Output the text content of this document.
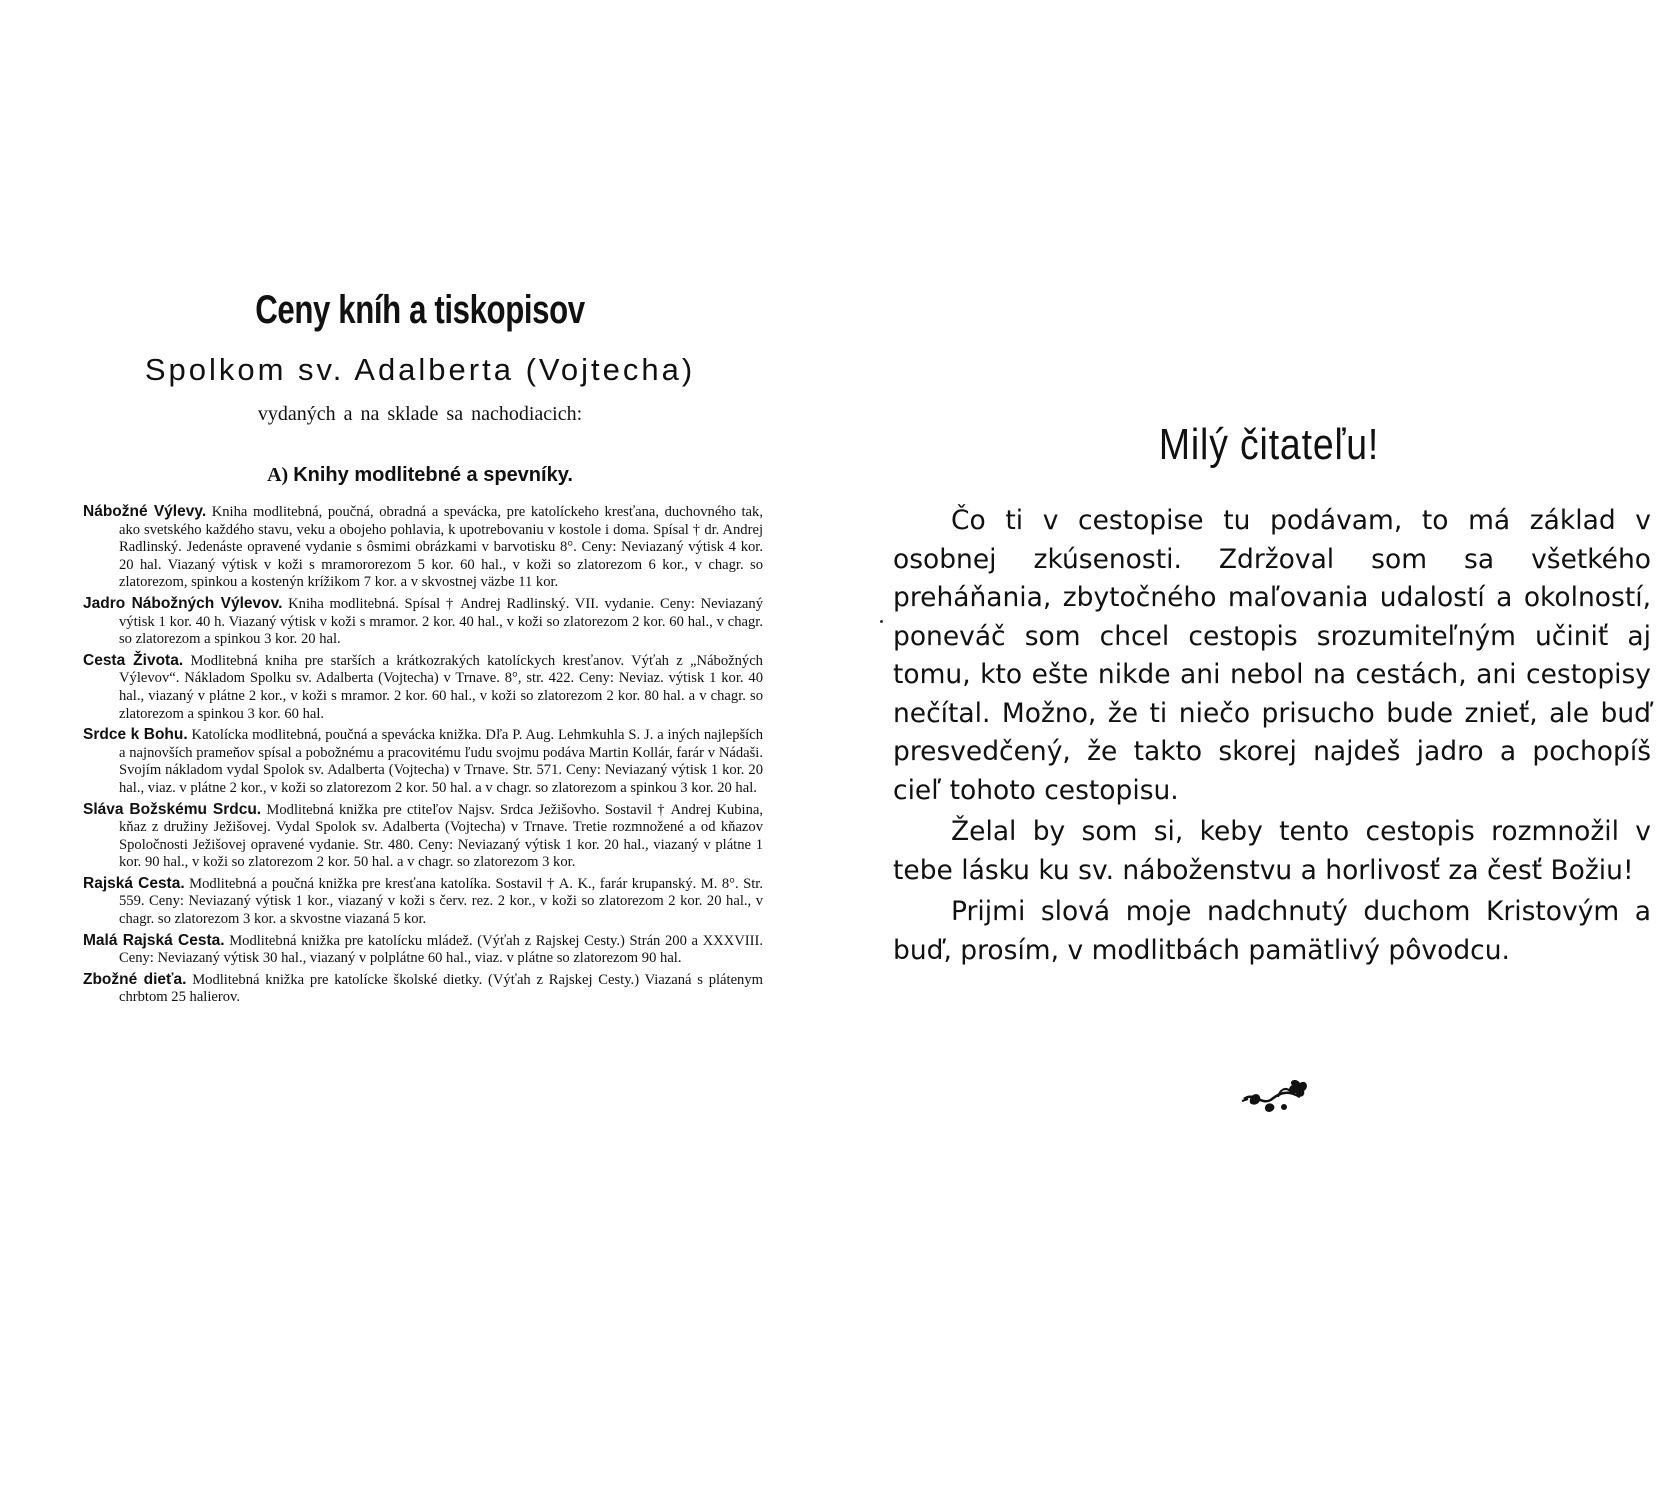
Ceny kníh a tiskopisov
Spolkom sv. Adalberta (Vojtecha)

vydaných a na sklade sa nachodiacich:

A) Knihy modlitebné a spevníky.
Nábožné Výlevy. Kniha modlitebná, poučná, obradná a spevácka, pre katolíckeho kresťana, duchovného tak, ako svetského každého stavu, veku a obojeho pohlavia, k upotrebovaniu v kostole i doma. Spísal † dr. Andrej Radlinský. Jedenáste opravené vydanie s ôsmimi obrázkami v barvotisku 8°. Ceny: Neviazaný výtisk 4 kor. 20 hal. Viazaný výtisk v koži s mramororezom 5 kor. 60 hal., v koži so zlatorezom 6 kor., v chagr. so zlatorezom, spinkou a kostenýn krížikom 7 kor. a v skvostnej väzbe 11 kor.
Jadro Nábožných Výlevov. Kniha modlitebná. Spísal † Andrej Radlinský. VII. vydanie. Ceny: Neviazaný výtisk 1 kor. 40 h. Viazaný výtisk v koži s mramor. 2 kor. 40 hal., v koži so zlatorezom 2 kor. 60 hal., v chagr. so zlatorezom a spinkou 3 kor. 20 hal.
Cesta Života. Modlitebná kniha pre starších a krátkozrakých katolíckych kresťanov. Výťah z „Nábožných Výlevov“. Nákladom Spolku sv. Adalberta (Vojtecha) v Trnave. 8°, str. 422. Ceny: Neviaz. výtisk 1 kor. 40 hal., viazaný v plátne 2 kor., v koži s mramor. 2 kor. 60 hal., v koži so zlatorezom 2 kor. 80 hal. a v chagr. so zlatorezom a spinkou 3 kor. 60 hal.
Srdce k Bohu. Katolícka modlitebná, poučná a spevácka knižka. Dľa P. Aug. Lehmkuhla S. J. a iných najlepších a najnovších prameňov spísal a pobožnému a pracovitému ľudu svojmu podáva Martin Kollár, farár v Nádaši. Svojím nákladom vydal Spolok sv. Adalberta (Vojtecha) v Trnave. Str. 571. Ceny: Neviazaný výtisk 1 kor. 20 hal., viaz. v plátne 2 kor., v koži so zlatorezom 2 kor. 50 hal. a v chagr. so zlatorezom a spinkou 3 kor. 20 hal.
Sláva Božskému Srdcu. Modlitebná knižka pre ctiteľov Najsv. Srdca Ježišovho. Sostavil † Andrej Kubina, kňaz z družiny Ježišovej. Vydal Spolok sv. Adalberta (Vojtecha) v Trnave. Tretie rozmnožené a od kňazov Spoločnosti Ježišovej opravené vydanie. Str. 480. Ceny: Neviazaný výtisk 1 kor. 20 hal., viazaný v plátne 1 kor. 90 hal., v koži so zlatorezom 2 kor. 50 hal. a v chagr. so zlatorezom 3 kor.
Rajská Cesta. Modlitebná a poučná knižka pre kresťana katolíka. Sostavil † A. K., farár krupanský. M. 8°. Str. 559. Ceny: Neviazaný výtisk 1 kor., viazaný v koži s červ. rez. 2 kor., v koži so zlatorezom 2 kor. 20 hal., v chagr. so zlatorezom 3 kor. a skvostne viazaná 5 kor.
Malá Rajská Cesta. Modlitebná knižka pre katolícku mládež. (Výťah z Rajskej Cesty.) Strán 200 a XXXVIII. Ceny: Neviazaný výtisk 30 hal., viazaný v polplátne 60 hal., viaz. v plátne so zlatorezom 90 hal.
Zbožné dieťa. Modlitebná knižka pre katolícke školské dietky. (Výťah z Rajskej Cesty.) Viazaná s plátenym chrbtom 25 halierov.
Milý čitateľu!

Čo ti v cestopise tu podávam, to má základ v osobnej zkúsenosti. Zdržoval som sa všetkého preháňania, zbytočného maľovania udalostí a okolností, poneváč som chcel cestopis srozumiteľným učiniť aj tomu, kto ešte nikde ani nebol na cestách, ani cestopisy nečítal. Možno, že ti niečo prisucho bude znieť, ale buď presvedčený, že takto skorej najdeš jadro a pochopíš cieľ tohoto cestopisu.

Želal by som si, keby tento cestopis rozmnožil v tebe lásku ku sv. náboženstvu a horlivosť za česť Božiu!

Prijmi slová moje nadchnutý duchom Kristovým a buď, prosím, v modlitbách pamätlivý pôvodcu.
